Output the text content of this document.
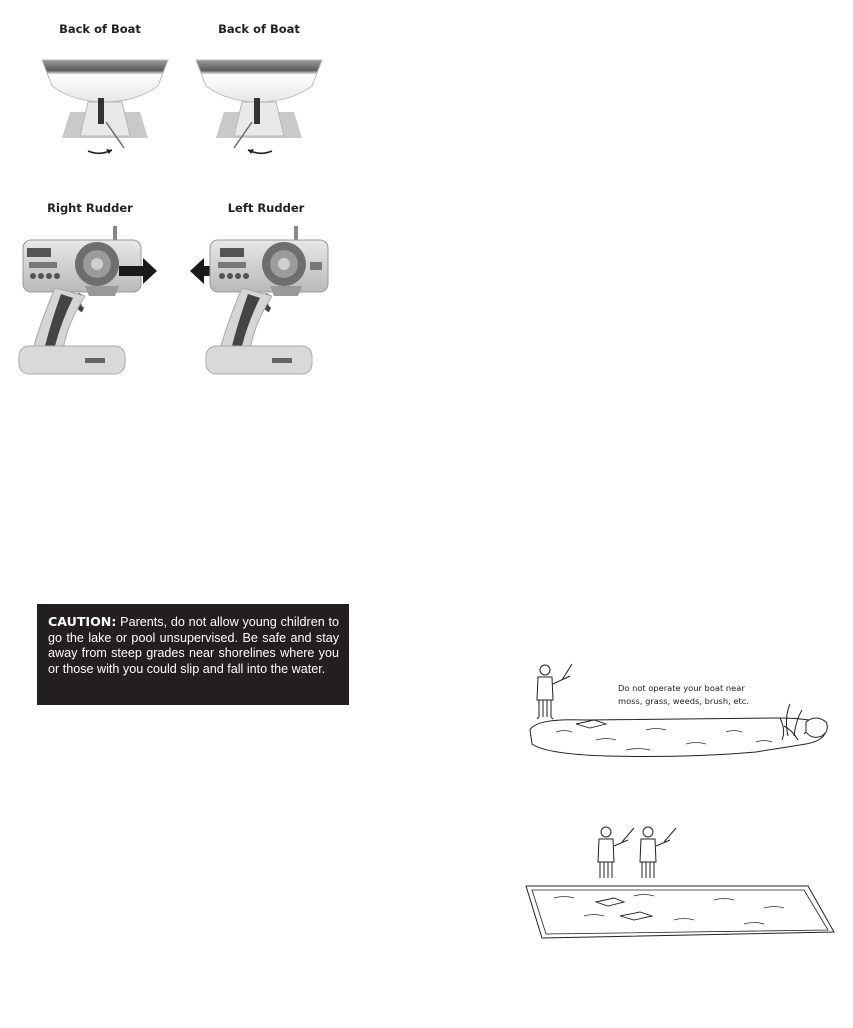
Back of Boat	Back of Boat
Right Rudder	Left Rudder
CAUTION: Parents, do not allow young children to go the lake or pool unsupervised. Be safe and stay away from steep grades near shorelines where you or those with you could slip and fall into the water.
Do not operate your boat near
moss, grass, weeds, brush, etc.
